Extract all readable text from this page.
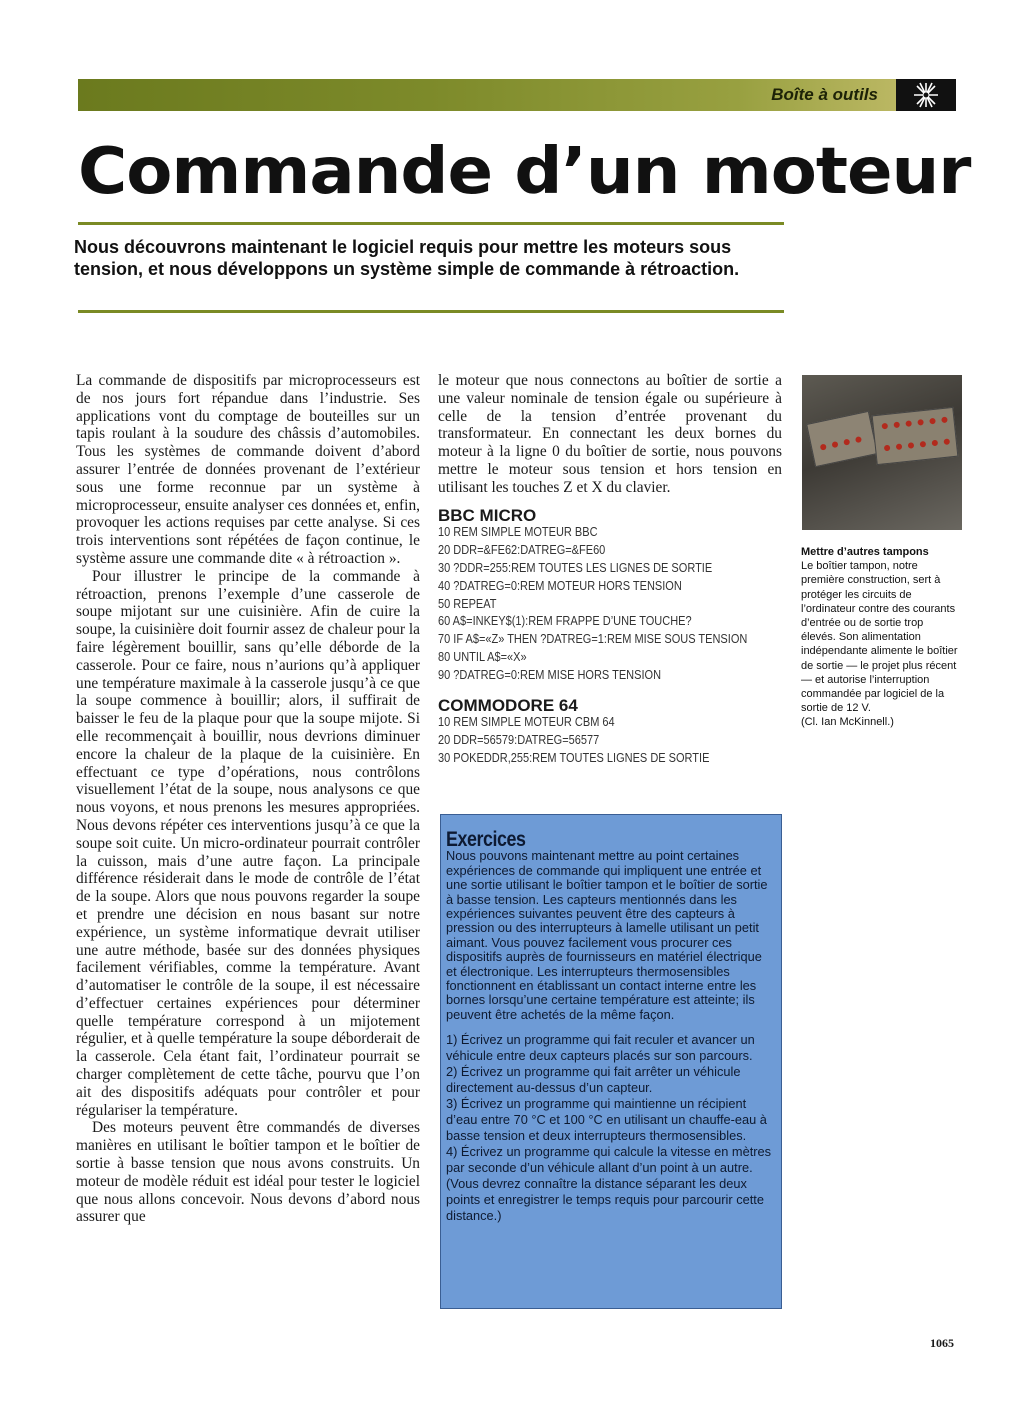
Boîte à outils
Commande d’un moteur
Nous découvrons maintenant le logiciel requis pour mettre les moteurs sous tension, et nous développons un système simple de commande à rétroaction.

La commande de dispositifs par microprocesseurs est de nos jours fort répandue dans l’industrie. Ses applications vont du comptage de bouteilles sur un tapis roulant à la soudure des châssis d’automobiles. Tous les systèmes de commande doivent d’abord assurer l’entrée de données provenant de l’extérieur sous une forme reconnue par un système à microprocesseur, ensuite analyser ces données et, enfin, provoquer les actions requises par cette analyse. Si ces trois interventions sont répétées de façon continue, le système assure une commande dite « à rétroaction ».

Pour illustrer le principe de la commande à rétroaction, prenons l’exemple d’une casserole de soupe mijotant sur une cuisinière. Afin de cuire la soupe, la cuisinière doit fournir assez de chaleur pour la faire légèrement bouillir, sans qu’elle déborde de la casserole. Pour ce faire, nous n’aurions qu’à appliquer une température maximale à la casserole jusqu’à ce que la soupe commence à bouillir; alors, il suffirait de baisser le feu de la plaque pour que la soupe mijote. Si elle recommençait à bouillir, nous devrions diminuer encore la chaleur de la plaque de la cuisinière. En effectuant ce type d’opérations, nous contrôlons visuellement l’état de la soupe, nous analysons ce que nous voyons, et nous prenons les mesures appropriées. Nous devons répéter ces interventions jusqu’à ce que la soupe soit cuite. Un micro-ordinateur pourrait contrôler la cuisson, mais d’une autre façon. La principale différence résiderait dans le mode de contrôle de l’état de la soupe. Alors que nous pouvons regarder la soupe et prendre une décision en nous basant sur notre expérience, un système informatique devrait utiliser une autre méthode, basée sur des données physiques facilement vérifiables, comme la température. Avant d’automatiser le contrôle de la soupe, il est nécessaire d’effectuer certaines expériences pour déterminer quelle température correspond à un mijotement régulier, et à quelle température la soupe déborderait de la casserole. Cela étant fait, l’ordinateur pourrait se charger complètement de cette tâche, pourvu que l’on ait des dispositifs adéquats pour contrôler et pour régulariser la température.

Des moteurs peuvent être commandés de diverses manières en utilisant le boîtier tampon et le boîtier de sortie à basse tension que nous avons construits. Un moteur de modèle réduit est idéal pour tester le logiciel que nous allons concevoir. Nous devons d’abord nous assurer que

le moteur que nous connectons au boîtier de sortie a une valeur nominale de tension égale ou supérieure à celle de la tension d’entrée provenant du transformateur. En connectant les deux bornes du moteur à la ligne 0 du boîtier de sortie, nous pouvons mettre le moteur sous tension et hors tension en utilisant les touches Z et X du clavier.

BBC MICRO
10 REM SIMPLE MOTEUR BBC
20 DDR=&FE62:DATREG=&FE60
30 ?DDR=255:REM TOUTES LES LIGNES DE SORTIE
40 ?DATREG=0:REM MOTEUR HORS TENSION
50 REPEAT
60 A$=INKEY$(1):REM FRAPPE D’UNE TOUCHE?
70 IF A$=«Z» THEN ?DATREG=1:REM MISE SOUS TENSION
80 UNTIL A$=«X»
90 ?DATREG=0:REM MISE HORS TENSION
COMMODORE 64
10 REM SIMPLE MOTEUR CBM 64
20 DDR=56579:DATREG=56577
30 POKEDDR,255:REM TOUTES LIGNES DE SORTIE
Exercices

Nous pouvons maintenant mettre au point certaines expériences de commande qui impliquent une entrée et une sortie utilisant le boîtier tampon et le boîtier de sortie à basse tension. Les capteurs mentionnés dans les expériences suivantes peuvent être des capteurs à pression ou des interrupteurs à lamelle utilisant un petit aimant. Vous pouvez facilement vous procurer ces dispositifs auprès de fournisseurs en matériel électrique et électronique. Les interrupteurs thermosensibles fonctionnent en établissant un contact interne entre les bornes lorsqu’une certaine température est atteinte; ils peuvent être achetés de la même façon.

1) Écrivez un programme qui fait reculer et avancer un véhicule entre deux capteurs placés sur son parcours.
2) Écrivez un programme qui fait arrêter un véhicule directement au-dessus d’un capteur.
3) Écrivez un programme qui maintienne un récipient d’eau entre 70 °C et 100 °C en utilisant un chauffe-eau à basse tension et deux interrupteurs thermosensibles.
4) Écrivez un programme qui calcule la vitesse en mètres par seconde d’un véhicule allant d’un point à un autre. (Vous devrez connaître la distance séparant les deux points et enregistrer le temps requis pour parcourir cette distance.)
Mettre d’autres tampons
Le boîtier tampon, notre première construction, sert à protéger les circuits de l’ordinateur contre des courants d’entrée ou de sortie trop élevés. Son alimentation indépendante alimente le boîtier de sortie — le projet plus récent — et autorise l’interruption commandée par logiciel de la sortie de 12 V.
(Cl. Ian McKinnell.)
1065
